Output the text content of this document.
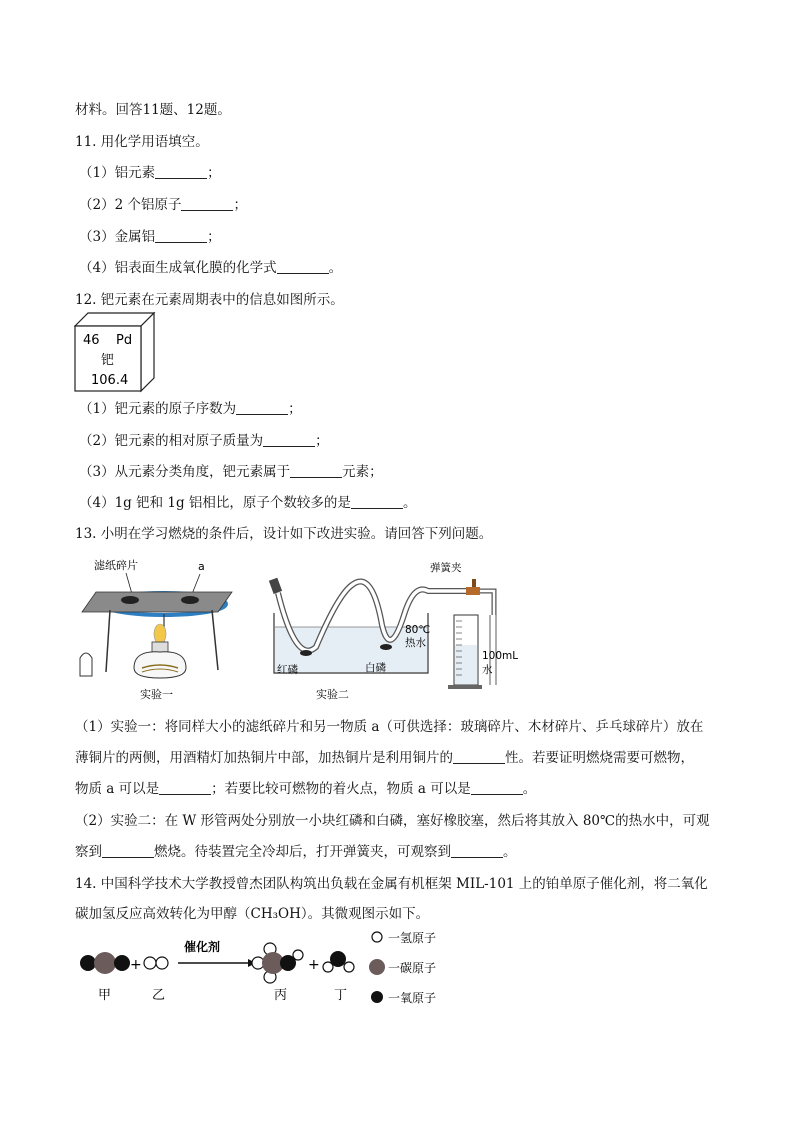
材料。回答11题、12题。
11. 用化学用语填空。
（1）铝元素	；
（2）2 个铝原子	；
（3）金属铝	；
（4）铝表面生成氧化膜的化学式	。
12. 钯元素在元素周期表中的信息如图所示。
46 Pd
钯
106.4
（1）钯元素的原子序数为	；
（2）钯元素的相对原子质量为	；
（3）从元素分类角度，钯元素属于	元素；
（4）1g 钯和 1g 铝相比，原子个数较多的是	。
13. 小明在学习燃烧的条件后，设计如下改进实验。请回答下列问题。
滤纸碎片	a
实验一
弹簧夹
80℃
热水
100mL
水
红磷	白磷
实验二
（1）实验一：将同样大小的滤纸碎片和另一物质 a（可供选择：玻璃碎片、木材碎片、乒乓球碎片）放在
薄铜片的两侧，用酒精灯加热铜片中部，加热铜片是利用铜片的	性。若要证明燃烧需要可燃物，
物质 a 可以是	；若要比较可燃物的着火点，物质 a 可以是	。
（2）实验二：在 W 形管两处分别放一小块红磷和白磷，塞好橡胶塞，然后将其放入 80℃的热水中，可观
察到	燃烧。待装置完全冷却后，打开弹簧夹，可观察到	。
14. 中国科学技术大学教授曾杰团队构筑出负载在金属有机框架 MIL-101 上的铂单原子催化剂，将二氧化
碳加氢反应高效转化为甲醇（CH₃OH）。其微观图示如下。
+
催化剂
+
甲	乙	丙	丁
一氢原子
一碳原子
一氧原子
